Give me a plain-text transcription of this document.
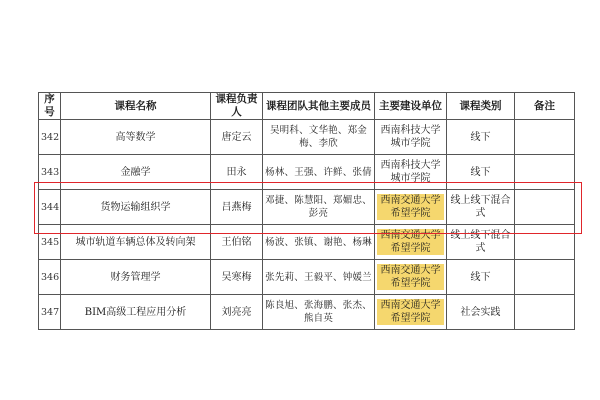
序号	课程名称	课程负责人	课程团队其他主要成员	主要建设单位	课程类别	备注
342	高等数学	唐定云	吴明科、文华艳、郑金梅、李欣	西南科技大学城市学院	线下	
343	金融学	田永	杨林、王强、许鲜、张倩	西南科技大学城市学院	线下	
344	货物运输组织学	吕燕梅	邓捷、陈慧阳、郑媚忠、彭亮	西南交通大学希望学院	线上线下混合式	
345	城市轨道车辆总体及转向架	王伯铭	杨波、张镇、谢艳、杨琳	西南交通大学希望学院	线上线下混合式	
346	财务管理学	吴寒梅	张先莉、王毅平、钟媛兰	西南交通大学希望学院	线下	
347	BIM高级工程应用分析	刘亮亮	陈良旭、张海鹏、张杰、熊自英	西南交通大学希望学院	社会实践	
